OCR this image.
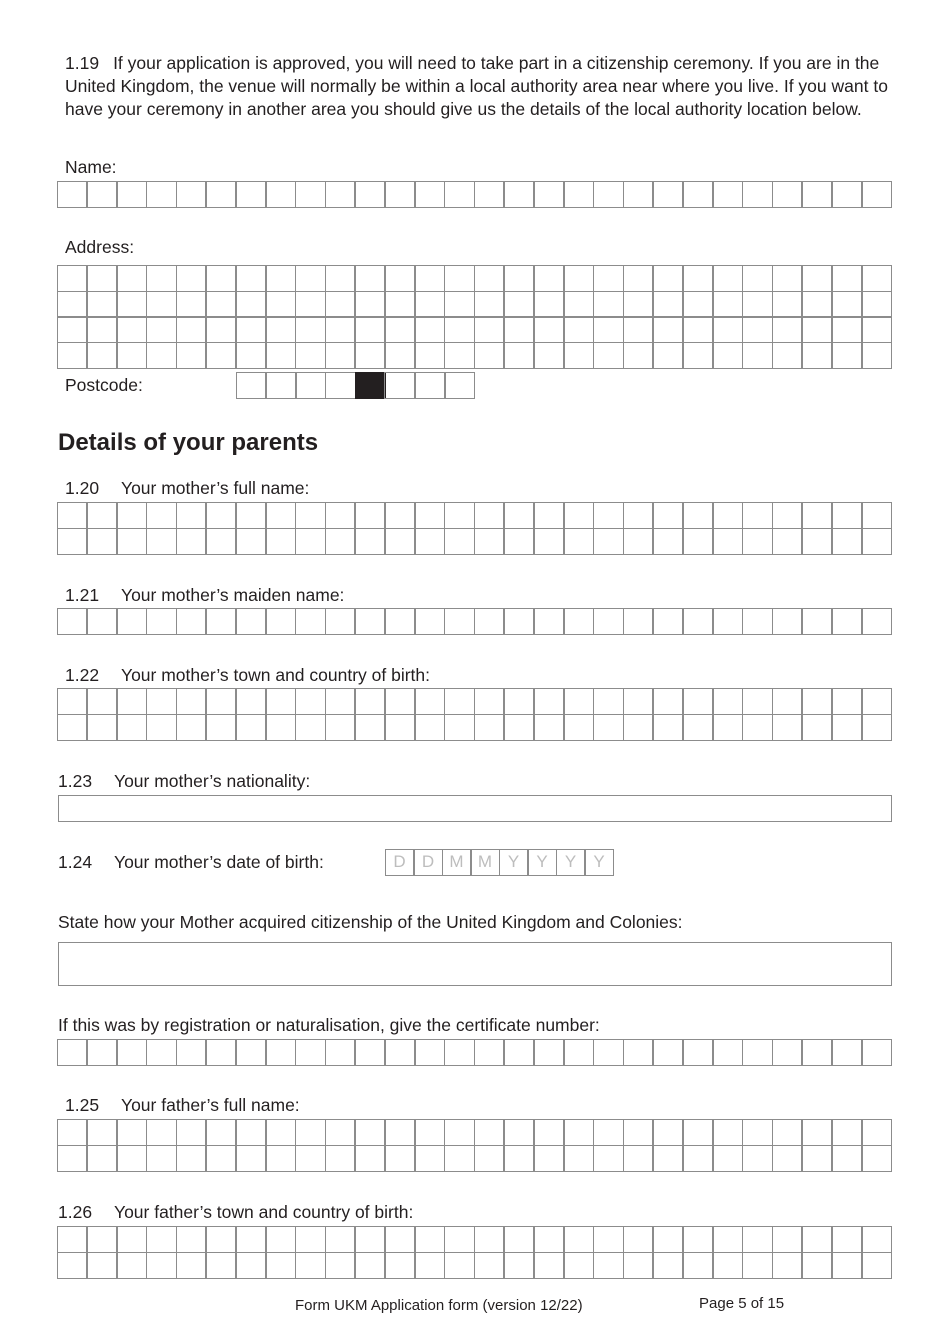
1.19 If your application is approved, you will need to take part in a citizenship ceremony. If you are in the United Kingdom, the venue will normally be within a local authority area near where you live. If you want to have your ceremony in another area you should give us the details of the local authority location below.
Name:
Address:
Postcode:
Details of your parents
1.20 Your mother’s full name:
1.21 Your mother’s maiden name:
1.22 Your mother’s town and country of birth:
1.23 Your mother’s nationality:
1.24 Your mother’s date of birth:	D D M M Y	Y	Y	Y
State how your Mother acquired citizenship of the United Kingdom and Colonies:
If this was by registration or naturalisation, give the certificate number:
1.25 Your father’s full name:
1.26 Your father’s town and country of birth:
Form UKM Application form (version 12/22)	Page 5 of 15
